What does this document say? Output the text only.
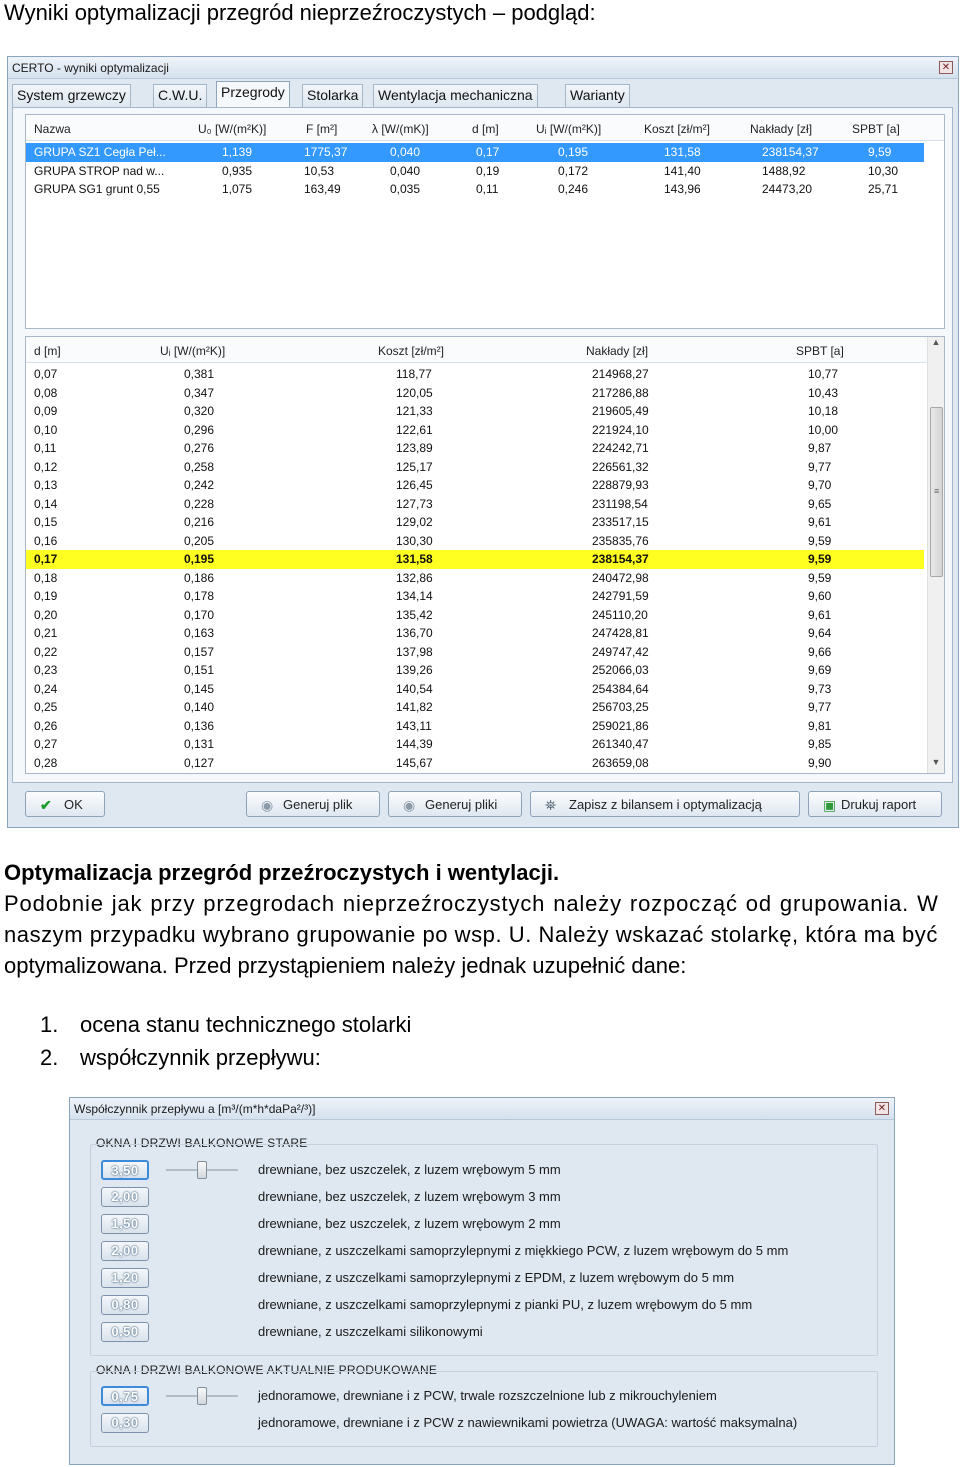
Wyniki optymalizacji przegród nieprzeźroczystych – podgląd:
CERTO - wyniki optymalizacji	✕
System grzewczy	C.W.U.	Przegrody	Stolarka	Wentylacja mechaniczna	Warianty
Nazwa	U₀ [W/(m²K)]	F [m²]	λ [W/(mK)]	d [m]	Uᵢ [W/(m²K)]	Koszt [zł/m²]	Nakłady [zł]	SPBT [a]
GRUPA SZ1 Cegła Peł...	1,139	1775,37	0,040	0,17	0,195	131,58	238154,37	9,59
GRUPA STROP nad w...	0,935	10,53	0,040	0,19	0,172	141,40	1488,92	10,30
GRUPA SG1 grunt 0,55	1,075	163,49	0,035	0,11	0,246	143,96	24473,20	25,71
d [m]	Uᵢ [W/(m²K)]	Koszt [zł/m²]	Nakłady [zł]	SPBT [a]
0,07	0,381	118,77	214968,27	10,77
0,08	0,347	120,05	217286,88	10,43
0,09	0,320	121,33	219605,49	10,18
0,10	0,296	122,61	221924,10	10,00
0,11	0,276	123,89	224242,71	9,87
0,12	0,258	125,17	226561,32	9,77
0,13	0,242	126,45	228879,93	9,70
0,14	0,228	127,73	231198,54	9,65
0,15	0,216	129,02	233517,15	9,61
0,16	0,205	130,30	235835,76	9,59
0,17	0,195	131,58	238154,37	9,59
0,18	0,186	132,86	240472,98	9,59
0,19	0,178	134,14	242791,59	9,60
0,20	0,170	135,42	245110,20	9,61
0,21	0,163	136,70	247428,81	9,64
0,22	0,157	137,98	249747,42	9,66
0,23	0,151	139,26	252066,03	9,69
0,24	0,145	140,54	254384,64	9,73
0,25	0,140	141,82	256703,25	9,77
0,26	0,136	143,11	259021,86	9,81
0,27	0,131	144,39	261340,47	9,85
0,28	0,127	145,67	263659,08	9,90
▲
≡
▼
✔ OK	◉ Generuj plik	◉ Generuj pliki	⛯ Zapisz z bilansem i optymalizacją	▣ Drukuj raport
Optymalizacja przegród przeźroczystych i wentylacji.
Podobnie jak przy przegrodach nieprzeźroczystych należy rozpocząć od grupowania. W
naszym przypadku wybrano grupowanie po wsp. U. Należy wskazać stolarkę, która ma być
optymalizowana. Przed przystąpieniem należy jednak uzupełnić dane:
1. ocena stanu technicznego stolarki
2. współczynnik przepływu:
Współczynnik przepływu a [m³/(m*h*daPa²/³)]	✕
OKNA I DRZWI BALKONOWE STARE
3,50	drewniane, bez uszczelek, z luzem wrębowym 5 mm
2,00	drewniane, bez uszczelek, z luzem wrębowym 3 mm
1,50	drewniane, bez uszczelek, z luzem wrębowym 2 mm
2,00	drewniane, z uszczelkami samoprzylepnymi z miękkiego PCW, z luzem wrębowym do 5 mm
1,20	drewniane, z uszczelkami samoprzylepnymi z EPDM, z luzem wrębowym do 5 mm
0,80	drewniane, z uszczelkami samoprzylepnymi z pianki PU, z luzem wrębowym do 5 mm
0,50	drewniane, z uszczelkami silikonowymi
OKNA I DRZWI BALKONOWE AKTUALNIE PRODUKOWANE
0,75	jednoramowe, drewniane i z PCW, trwale rozszczelnione lub z mikrouchyleniem
0,30	jednoramowe, drewniane i z PCW z nawiewnikami powietrza (UWAGA: wartość maksymalna)
